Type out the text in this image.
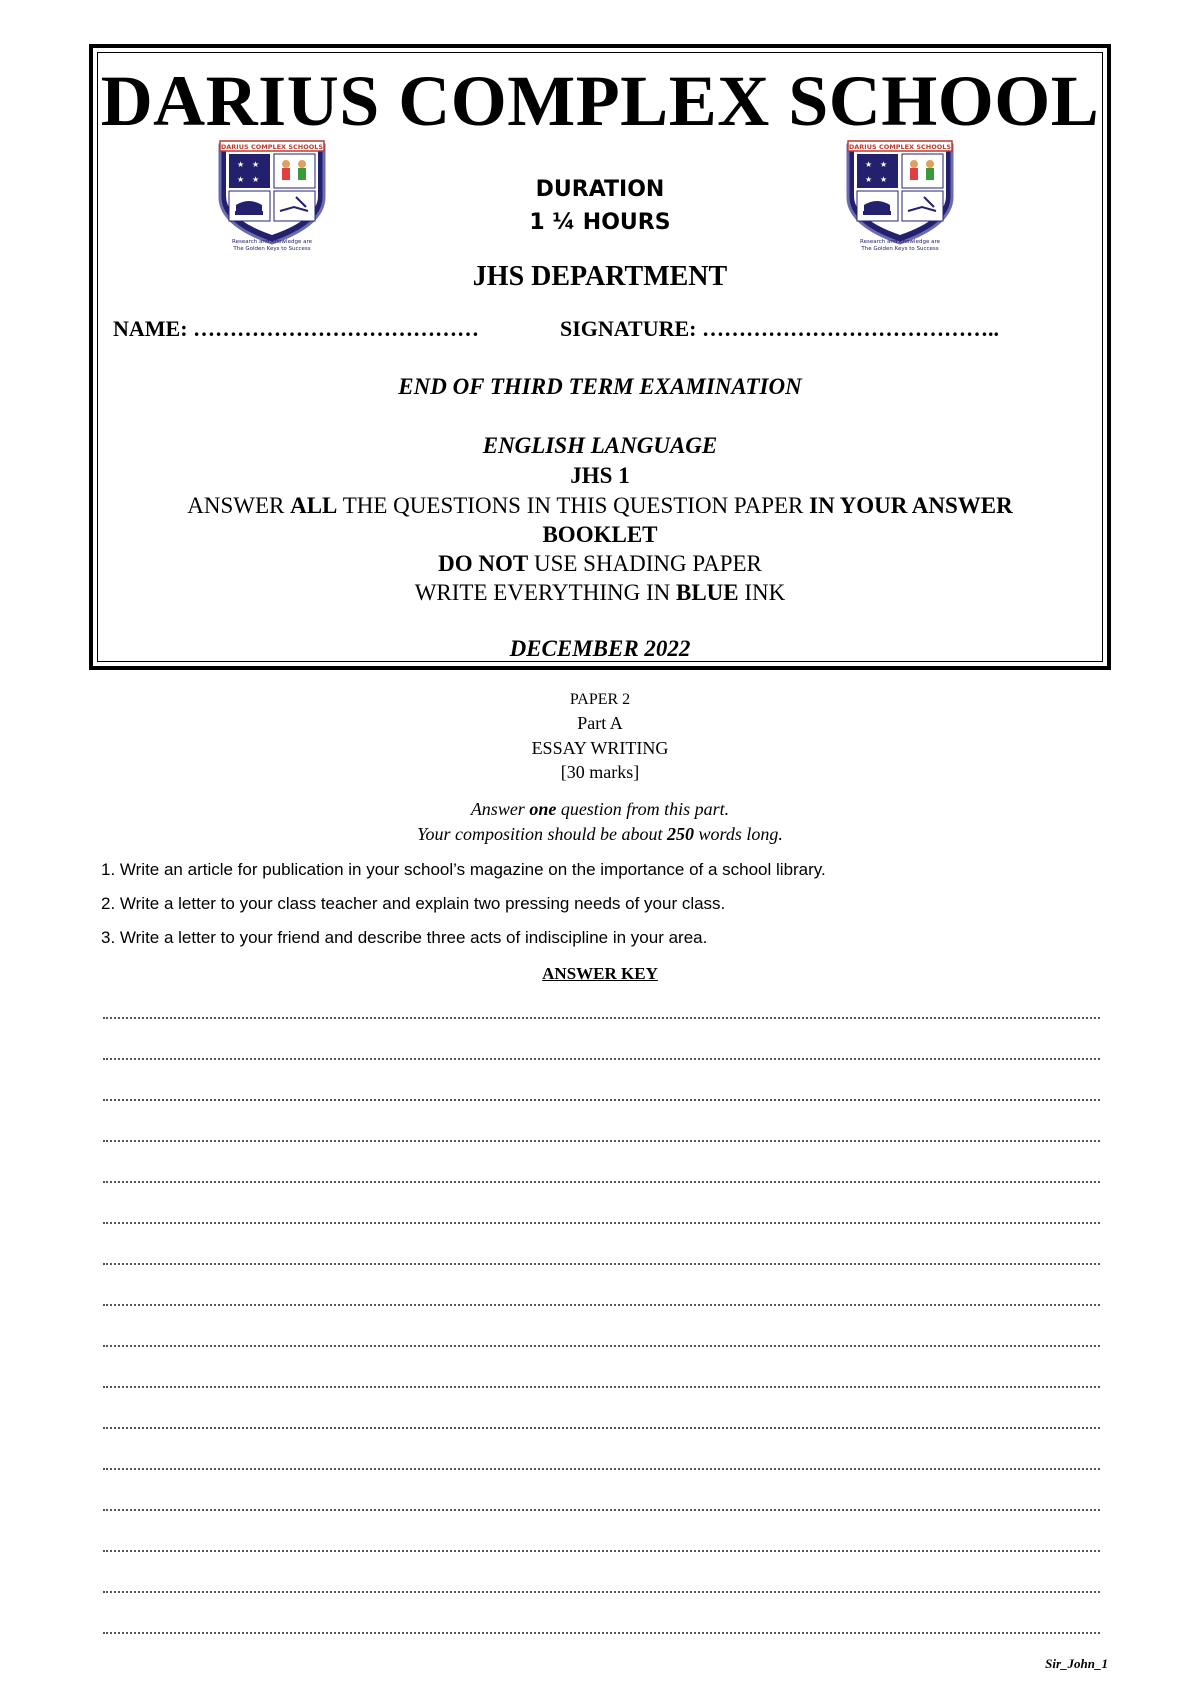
DARIUS COMPLEX SCHOOL
DARIUS COMPLEX SCHOOLS
★ ★
★ ★
Research and Knowledge are
The Golden Keys to Success
DARIUS COMPLEX SCHOOLS
★ ★
★ ★
Research and Knowledge are
The Golden Keys to Success
DURATION
1 ¼ HOURS
JHS DEPARTMENT
NAME: …………………………………	SIGNATURE: …………………………………..
END OF THIRD TERM EXAMINATION
ENGLISH LANGUAGE
JHS 1
ANSWER ALL THE QUESTIONS IN THIS QUESTION PAPER IN YOUR ANSWER
BOOKLET
DO NOT USE SHADING PAPER
WRITE EVERYTHING IN BLUE INK
DECEMBER 2022
PAPER 2
Part A
ESSAY WRITING
[30 marks]
Answer one question from this part.
Your composition should be about 250 words long.
1. Write an article for publication in your school’s magazine on the importance of a school library.
2. Write a letter to your class teacher and explain two pressing needs of your class.
3. Write a letter to your friend and describe three acts of indiscipline in your area.
ANSWER KEY
Sir_John_1
